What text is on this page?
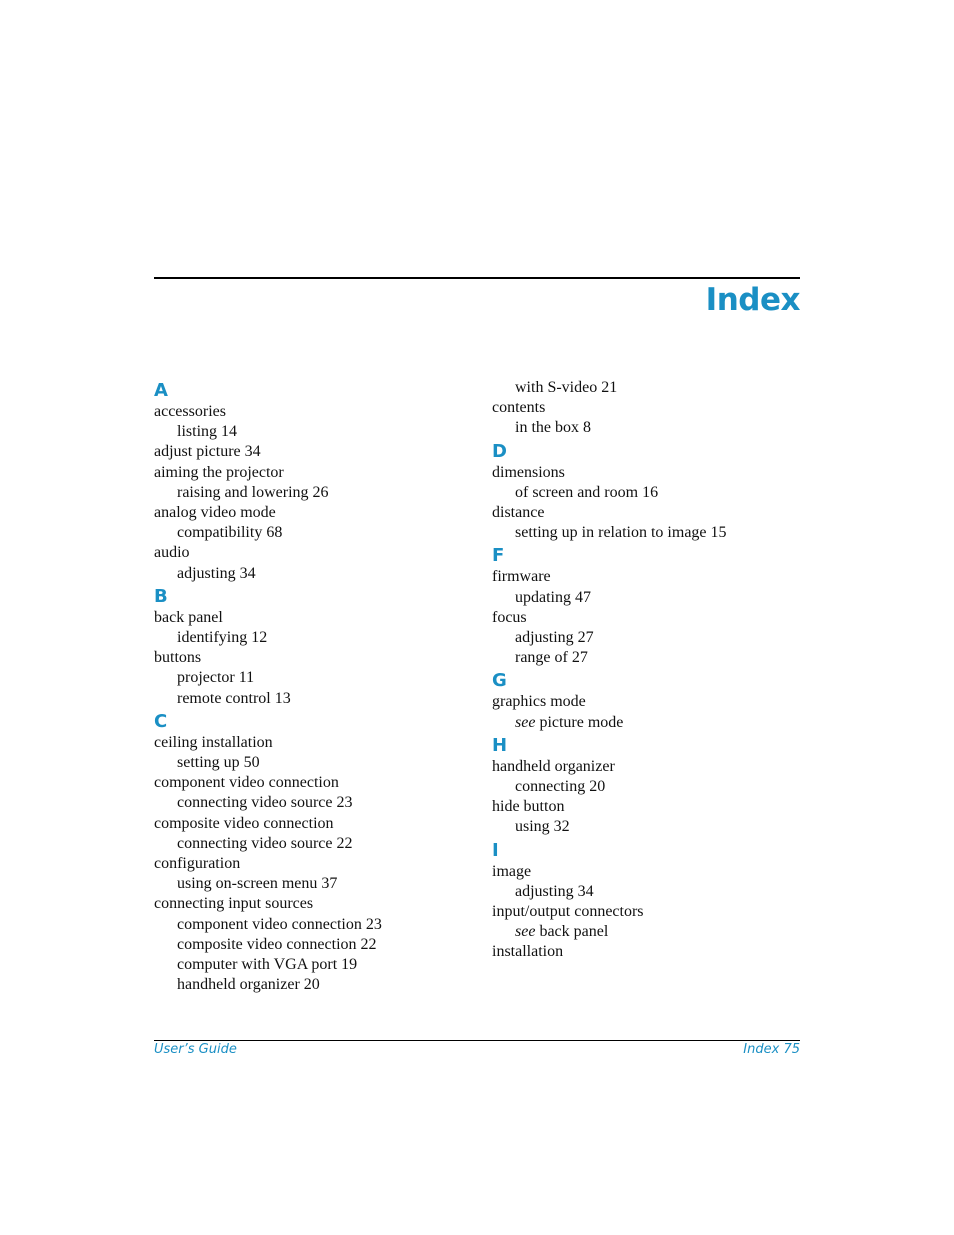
Index
A
accessories
listing 14
adjust picture 34
aiming the projector
raising and lowering 26
analog video mode
compatibility 68
audio
adjusting 34
B
back panel
identifying 12
buttons
projector 11
remote control 13
C
ceiling installation
setting up 50
component video connection
connecting video source 23
composite video connection
connecting video source 22
configuration
using on-screen menu 37
connecting input sources
component video connection 23
composite video connection 22
computer with VGA port 19
handheld organizer 20
with S-video 21
contents
in the box 8
D
dimensions
of screen and room 16
distance
setting up in relation to image 15
F
firmware
updating 47
focus
adjusting 27
range of 27
G
graphics mode
see picture mode
H
handheld organizer
connecting 20
hide button
using 32
I
image
adjusting 34
input/output connectors
see back panel
installation
User’s Guide	Index 75
